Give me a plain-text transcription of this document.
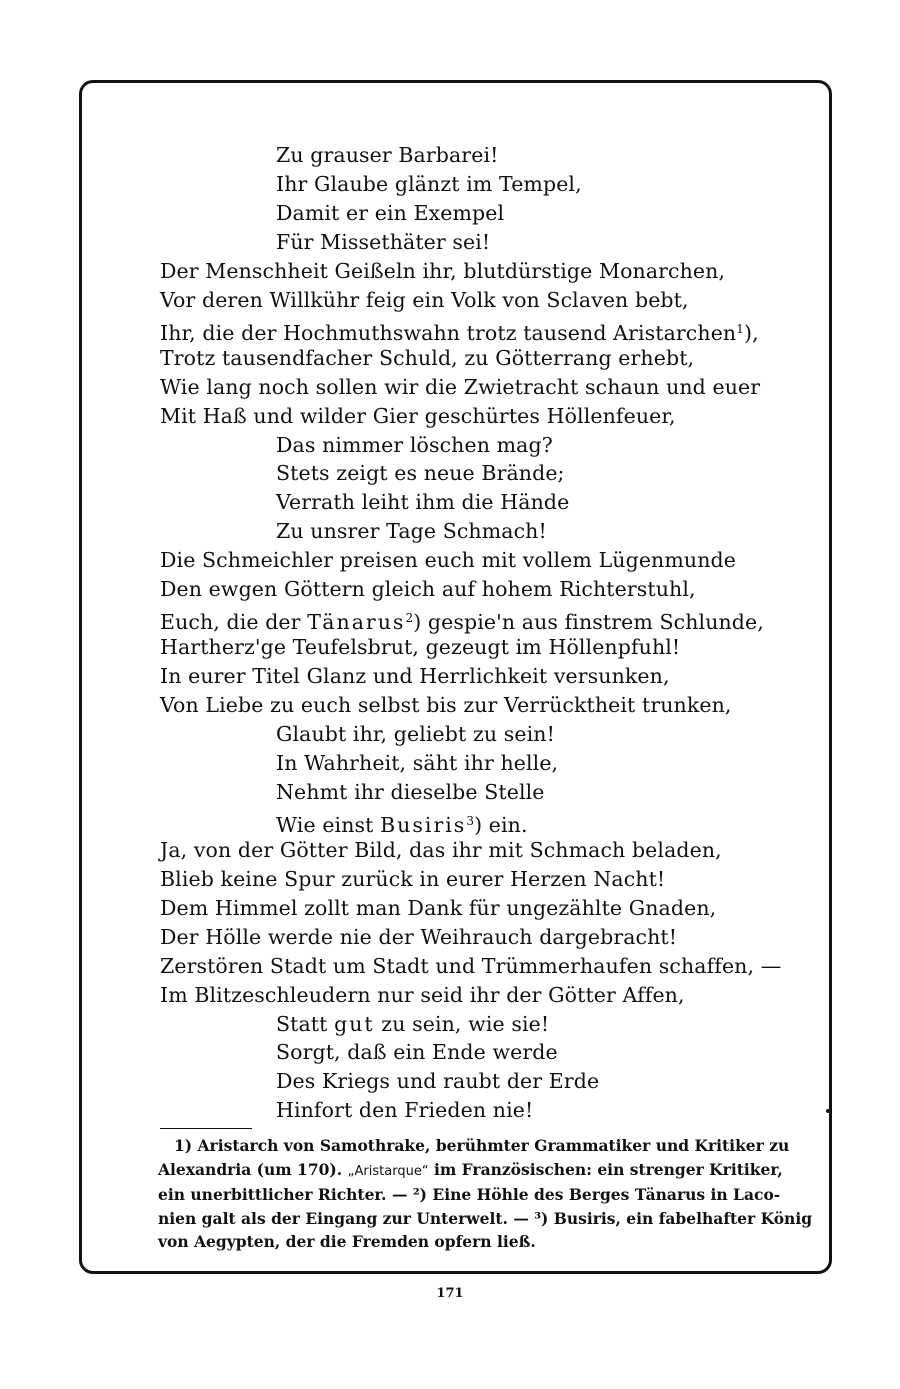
Zu grauser Barbarei!
Ihr Glaube glänzt im Tempel,
Damit er ein Exempel
Für Missethäter sei!
Der Menschheit Geißeln ihr, blutdürstige Monarchen,
Vor deren Willkühr feig ein Volk von Sclaven bebt,
Ihr, die der Hochmuthswahn trotz tausend Aristarchen$^1$),
Trotz tausendfacher Schuld, zu Götterrang erhebt,
Wie lang noch sollen wir die Zwietracht schaun und euer
Mit Haß und wilder Gier geschürtes Höllenfeuer,
Das nimmer löschen mag?
Stets zeigt es neue Brände;
Verrath leiht ihm die Hände
Zu unsrer Tage Schmach!
Die Schmeichler preisen euch mit vollem Lügenmunde
Den ewgen Göttern gleich auf hohem Richterstuhl,
Euch, die der Tänarus$^2$) gespie'n aus finstrem Schlunde,
Hartherz'ge Teufelsbrut, gezeugt im Höllenpfuhl!
In eurer Titel Glanz und Herrlichkeit versunken,
Von Liebe zu euch selbst bis zur Verrücktheit trunken,
Glaubt ihr, geliebt zu sein!
In Wahrheit, säht ihr helle,
Nehmt ihr dieselbe Stelle
Wie einst Busiris$^3$) ein.
Ja, von der Götter Bild, das ihr mit Schmach beladen,
Blieb keine Spur zurück in eurer Herzen Nacht!
Dem Himmel zollt man Dank für ungezählte Gnaden,
Der Hölle werde nie der Weihrauch dargebracht!
Zerstören Stadt um Stadt und Trümmerhaufen schaffen, —
Im Blitzeschleudern nur seid ihr der Götter Affen,
Statt gut zu sein, wie sie!
Sorgt, daß ein Ende werde
Des Kriegs und raubt der Erde
Hinfort den Frieden nie!
1) Aristarch von Samothrake, berühmter Grammatiker und Kritiker zu
Alexandria (um 170). „Aristarque“ im Französischen: ein strenger Kritiker,
ein unerbittlicher Richter. — ²) Eine Höhle des Berges Tänarus in Laco-
nien galt als der Eingang zur Unterwelt. — ³) Busiris, ein fabelhafter König
von Aegypten, der die Fremden opfern ließ.
171
